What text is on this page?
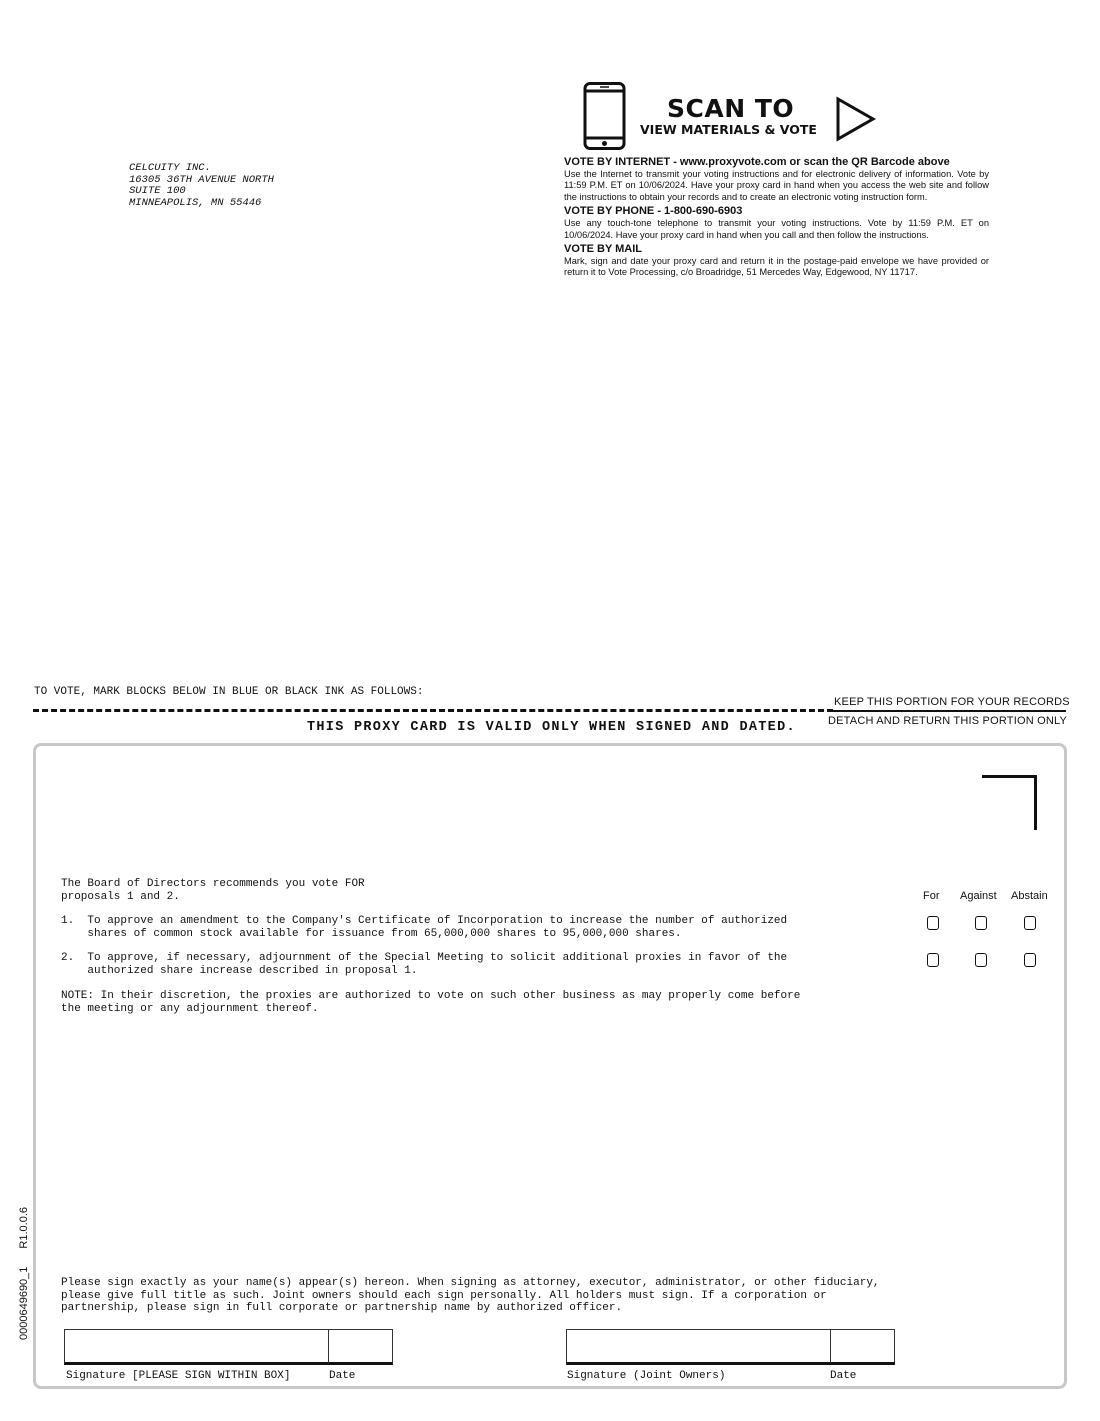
CELCUITY INC.
16305 36TH AVENUE NORTH
SUITE 100
MINNEAPOLIS, MN 55446
SCAN TO
VIEW MATERIALS & VOTE
VOTE BY INTERNET - www.proxyvote.com or scan the QR Barcode above
Use the Internet to transmit your voting instructions and for electronic delivery of information. Vote by 11:59 P.M. ET on 10/06/2024. Have your proxy card in hand when you access the web site and follow the instructions to obtain your records and to create an electronic voting instruction form.
VOTE BY PHONE - 1-800-690-6903
Use any touch-tone telephone to transmit your voting instructions. Vote by 11:59 P.M. ET on 10/06/2024. Have your proxy card in hand when you call and then follow the instructions.
VOTE BY MAIL
Mark, sign and date your proxy card and return it in the postage-paid envelope we have provided or return it to Vote Processing, c/o Broadridge, 51 Mercedes Way, Edgewood, NY 11717.
TO VOTE, MARK BLOCKS BELOW IN BLUE OR BLACK INK AS FOLLOWS:
KEEP THIS PORTION FOR YOUR RECORDS
DETACH AND RETURN THIS PORTION ONLY
THIS PROXY CARD IS VALID ONLY WHEN SIGNED AND DATED.
The Board of Directors recommends you vote FOR
proposals 1 and 2.	For Against Abstain
1.  To approve an amendment to the Company's Certificate of Incorporation to increase the number of authorized
shares of common stock available for issuance from 65,000,000 shares to 95,000,000 shares.
2.  To approve, if necessary, adjournment of the Special Meeting to solicit additional proxies in favor of the
authorized share increase described in proposal 1.
NOTE: In their discretion, the proxies are authorized to vote on such other business as may properly come before
the meeting or any adjournment thereof.
Please sign exactly as your name(s) appear(s) hereon. When signing as attorney, executor, administrator, or other fiduciary,
please give full title as such. Joint owners should each sign personally. All holders must sign. If a corporation or
partnership, please sign in full corporate or partnership name by authorized officer.
Signature [PLEASE SIGN WITHIN BOX]	Date	Signature (Joint Owners)	Date
0000649690_1R1.0.0.6
